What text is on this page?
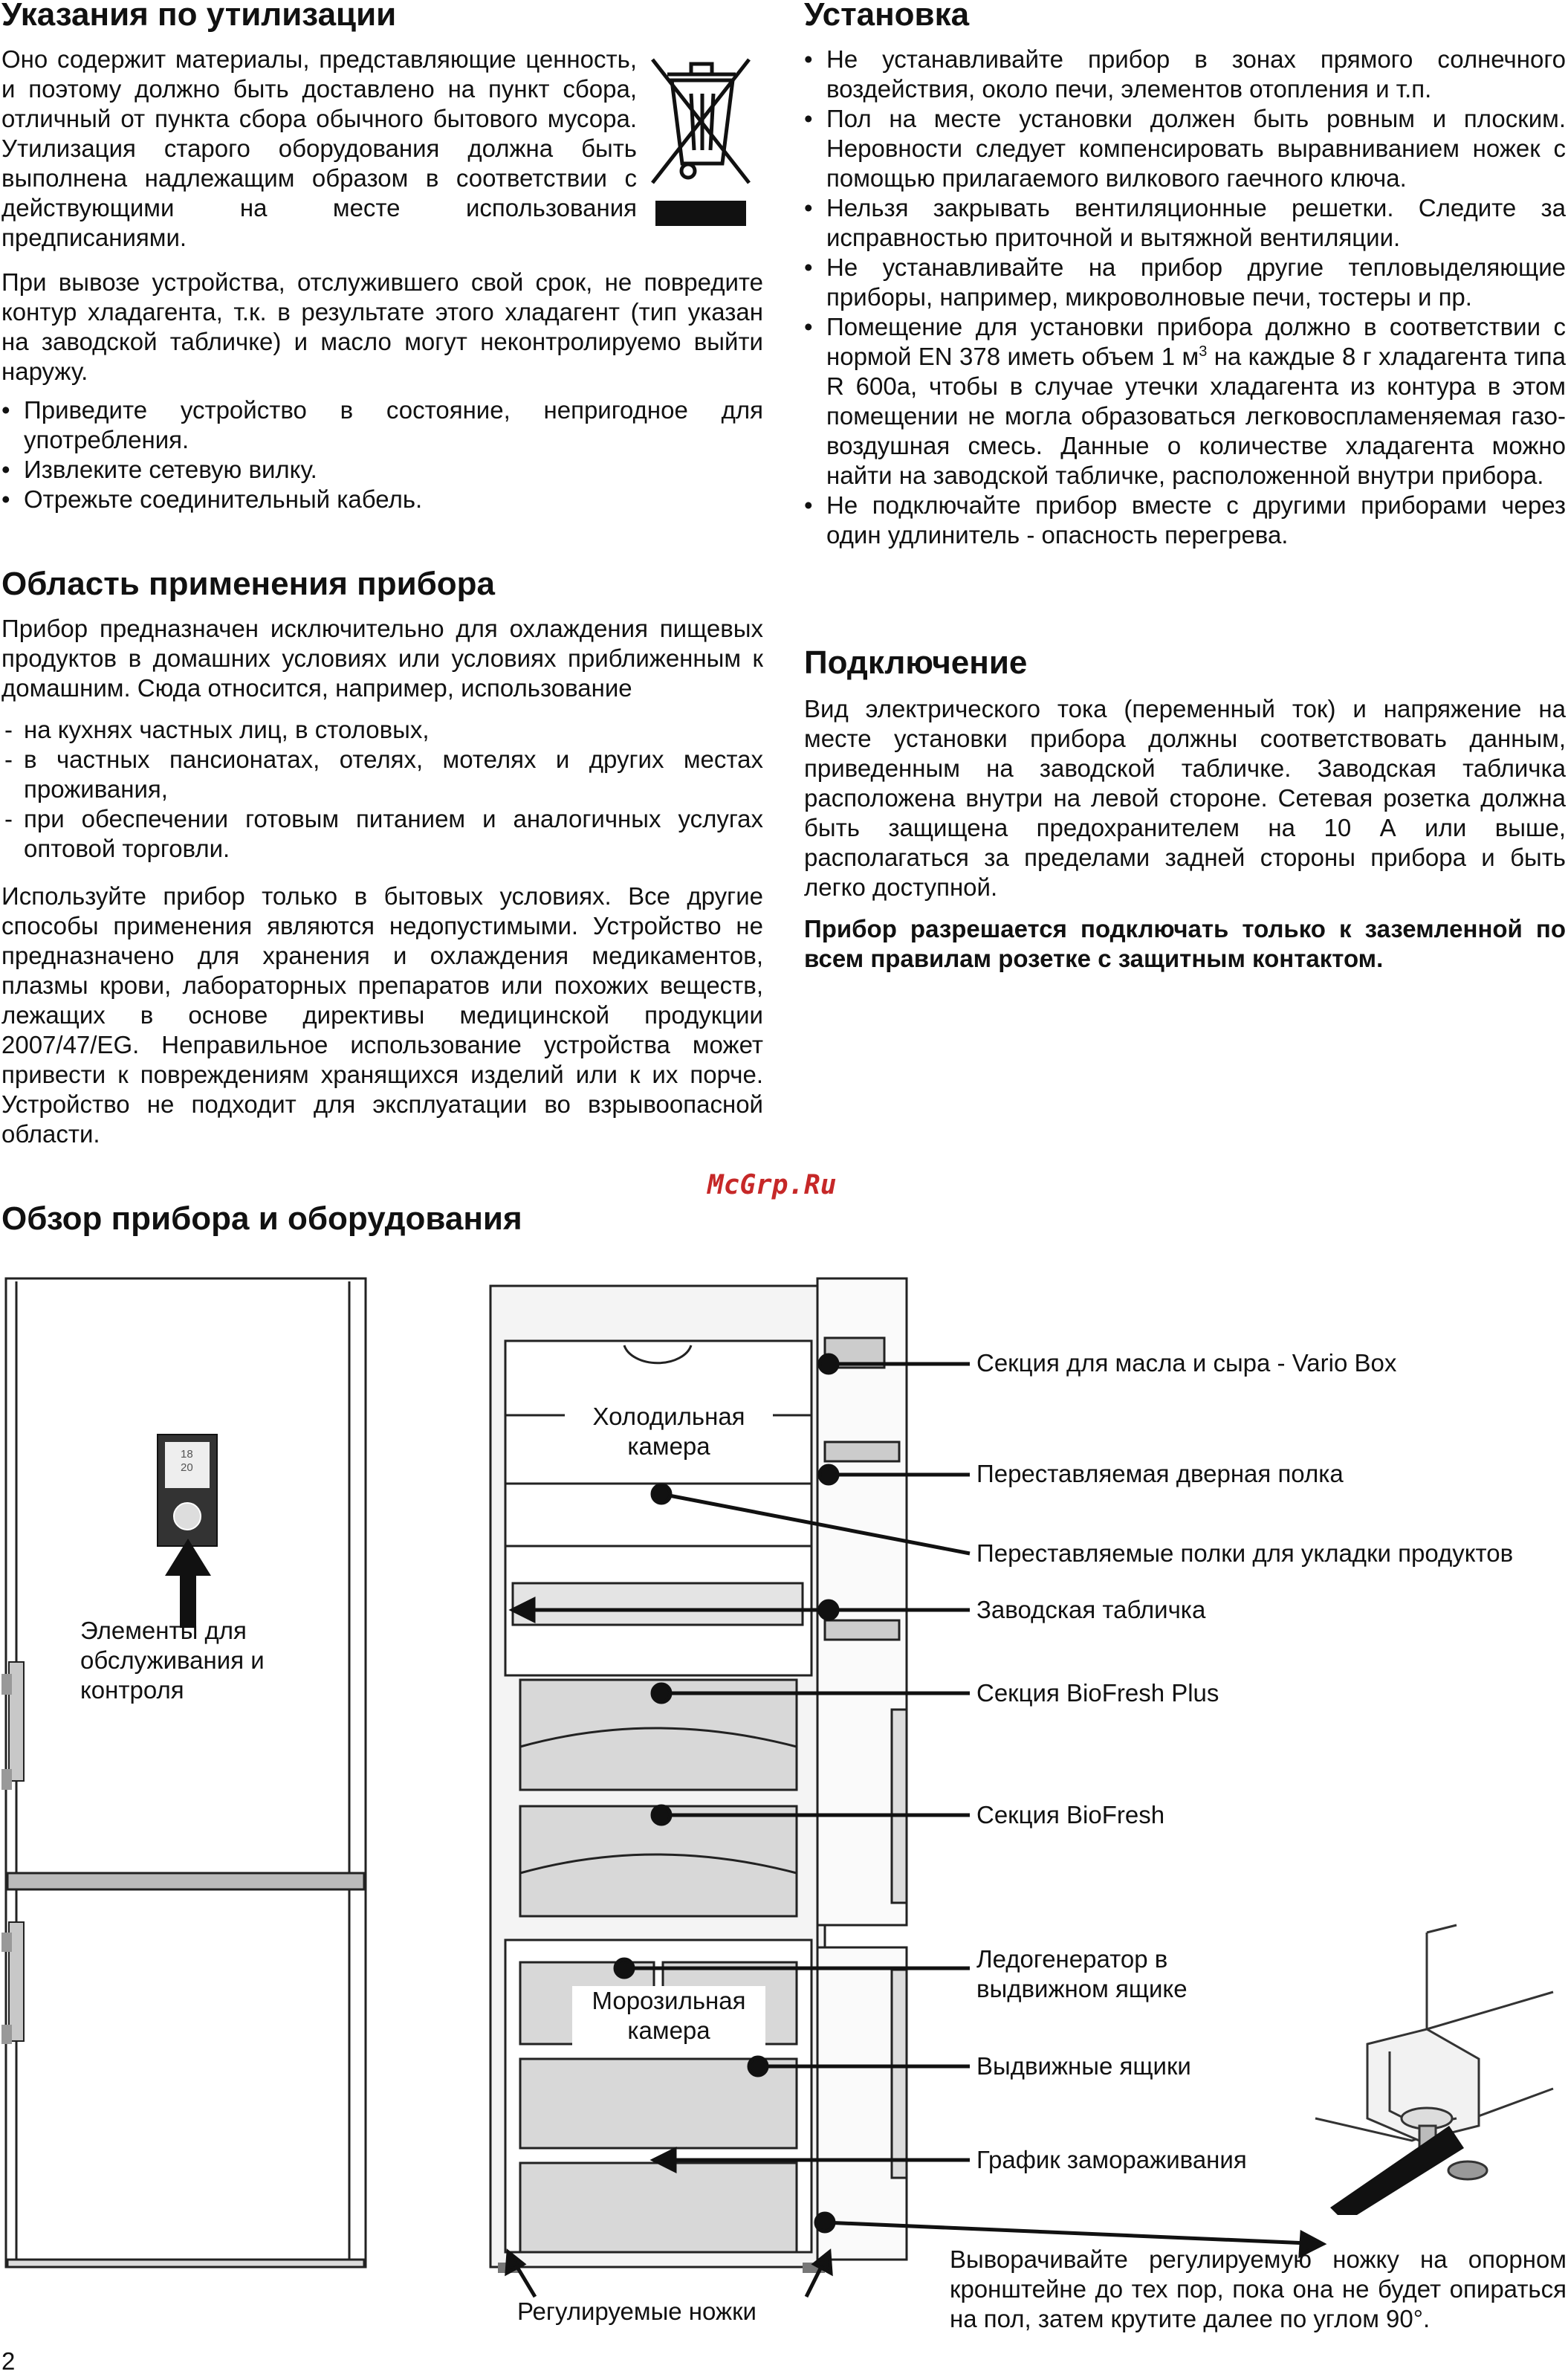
Указания по утилизации

Оно содержит материалы, представляющие ценность, и поэтому должно быть доставлено на пункт сбора, отличный от пункта сбора обычного бытового мусора. Утилизация старого оборудования должна быть выполнена надлежащим образом в соответствии с действующими на месте использования предписаниями.

При вывозе устройства, отслужившего свой срок, не повредите контур хладагента, т.к. в результате этого хладагент (тип указан на заводской табличке) и масло могут неконтролируемо выйти наружу.

• Приведите устройство в состояние, непригодное для употребления.
• Извлеките сетевую вилку.
• Отрежьте соединительный кабель.
Область применения прибора

Прибор предназначен исключительно для охлаждения пищевых продуктов в домашних условиях или условиях приближенным к домашним. Сюда относится, например, использование

- на кухнях частных лиц, в столовых,
- в частных пансионатах, отелях, мотелях и других местах проживания,
- при обеспечении готовым питанием и аналогичных услугах оптовой торговли.

Используйте прибор только в бытовых условиях. Все другие способы применения являются недопустимыми. Устройство не предназначено для хранения и охлаждения медикаментов, плазмы крови, лабораторных препаратов или похожих веществ, лежащих в основе директивы медицинской продукции 2007/47/EG. Неправильное использование устройства может привести к повреждениям хранящихся изделий или к их порче. Устройство не подходит для эксплуатации во взрывоопасной области.

Установка
• Не устанавливайте прибор в зонах прямого солнечного воздействия, около печи, элементов отопления и т.п.
• Пол на месте установки должен быть ровным и плоским. Неровности следует компенсировать выравниванием ножек с помощью прилагаемого вилкового гаечного ключа.
• Нельзя закрывать вентиляционные решетки. Следите за исправностью приточной и вытяжной вентиляции.
• Не устанавливайте на прибор другие тепловыделяющие приборы, например, микроволновые печи, тостеры и пр.
• Помещение для установки прибора должно в соответствии с нормой EN 378 иметь объем 1 $м^3$ на каждые 8 г хладагента типа R 600a, чтобы в случае утечки хладагента из контура в этом помещении не могла образоваться легковоспламеняемая газо-воздушная смесь. Данные о количестве хладагента можно найти на заводской табличке, расположенной внутри прибора.
• Не подключайте прибор вместе с другими приборами через один удлинитель - опасность перегрева.
Подключение

Вид электрического тока (переменный ток) и напряжение на месте установки прибора должны соответствовать данным, приведенным на заводской табличке. Заводская табличка расположена внутри на левой стороне. Сетевая розетка должна быть защищена предохранителем на 10 А или выше, располагаться за пределами задней стороны прибора и быть легко доступной.

Прибор разрешается подключать только к заземленной по всем правилам розетке с защитным контактом.

McGrp.Ru
Обзор прибора и оборудования
18
20
Элементы для обслуживания и контроля
Холодильная камера
Морозильная камера
Секция для масла и сыра - Vario Box
Переставляемая дверная полка
Переставляемые полки для укладки продуктов
Заводская табличка
Секция BioFresh Plus
Секция BioFresh
Ледогенератор в выдвижном ящике
Выдвижные ящики
График замораживания
Регулируемые ножки

Выворачивайте регулируемую ножку на опорном кронштейне до тех пор, пока она не будет опираться на пол, затем крутите далее по углом 90°.

2
